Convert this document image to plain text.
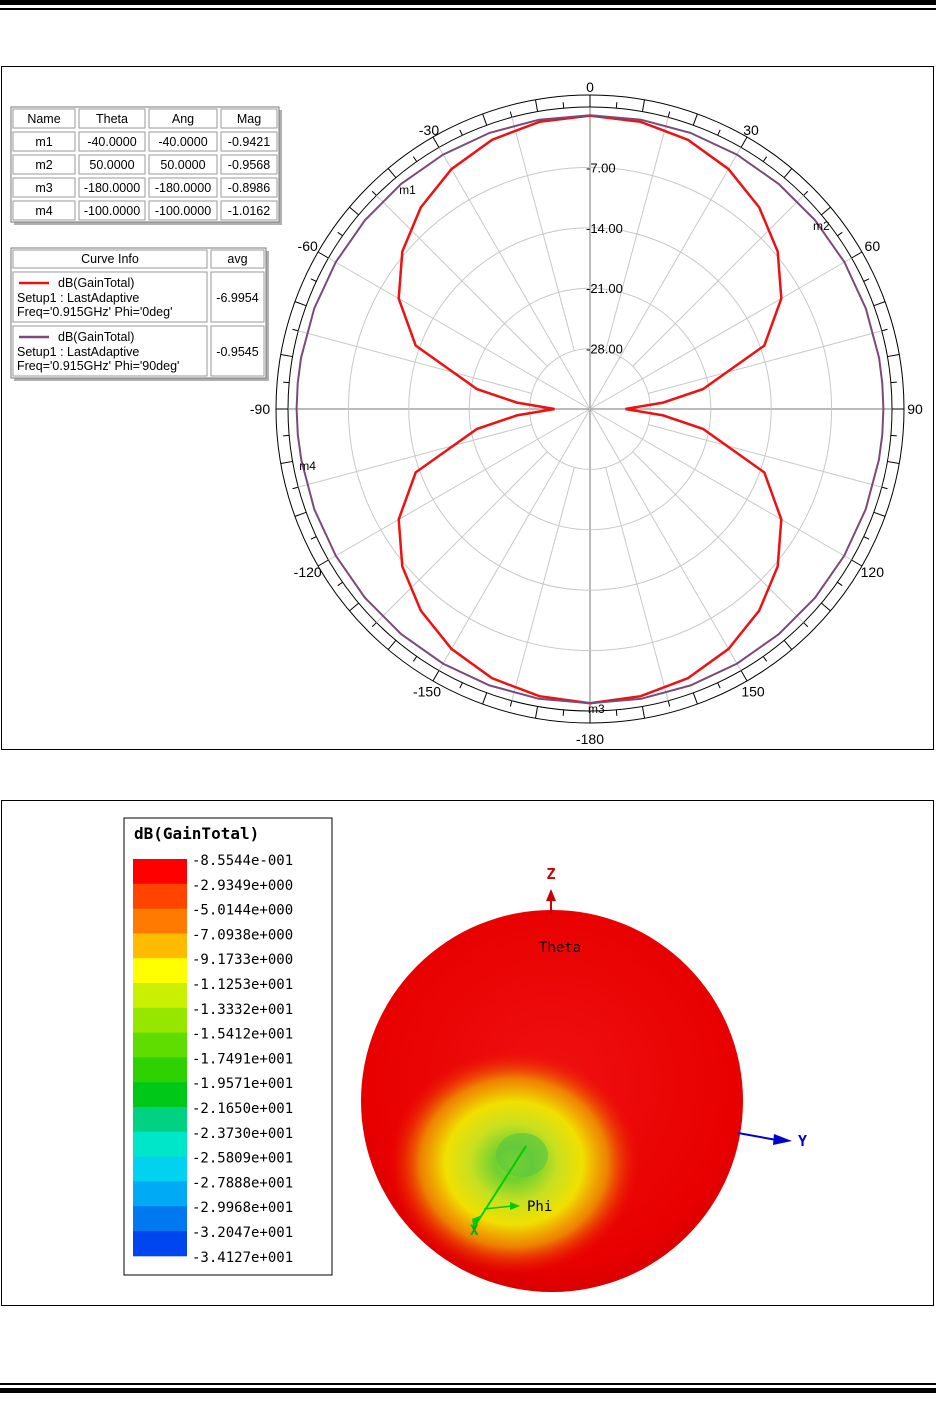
-7.00
-14.00
-21.00
-28.00
0
30
60
90
120
150
-180
-150
-120
-90
-60
-30
m1
m2
m3
m4
Name	Theta	Ang	Mag
m1	-40.0000 -40.0000 -0.9421
m2	50.0000 50.0000 -0.9568
m3 -180.0000 -180.0000 -0.8986
m4 -100.0000 -100.0000 -1.0162
Curve Info	avg
dB(GainTotal)
Setup1 : LastAdaptive
Freq='0.915GHz' Phi='0deg'
-6.9954
dB(GainTotal)
Setup1 : LastAdaptive
Freq='0.915GHz' Phi='90deg'
-0.9545
dB(GainTotal)
-8.5544e-001
-2.9349e+000
-5.0144e+000
-7.0938e+000
-9.1733e+000
-1.1253e+001
-1.3332e+001
-1.5412e+001
-1.7491e+001
-1.9571e+001
-2.1650e+001
-2.3730e+001
-2.5809e+001
-2.7888e+001
-2.9968e+001
-3.2047e+001
-3.4127e+001
Z
Theta
Y
X
Phi
